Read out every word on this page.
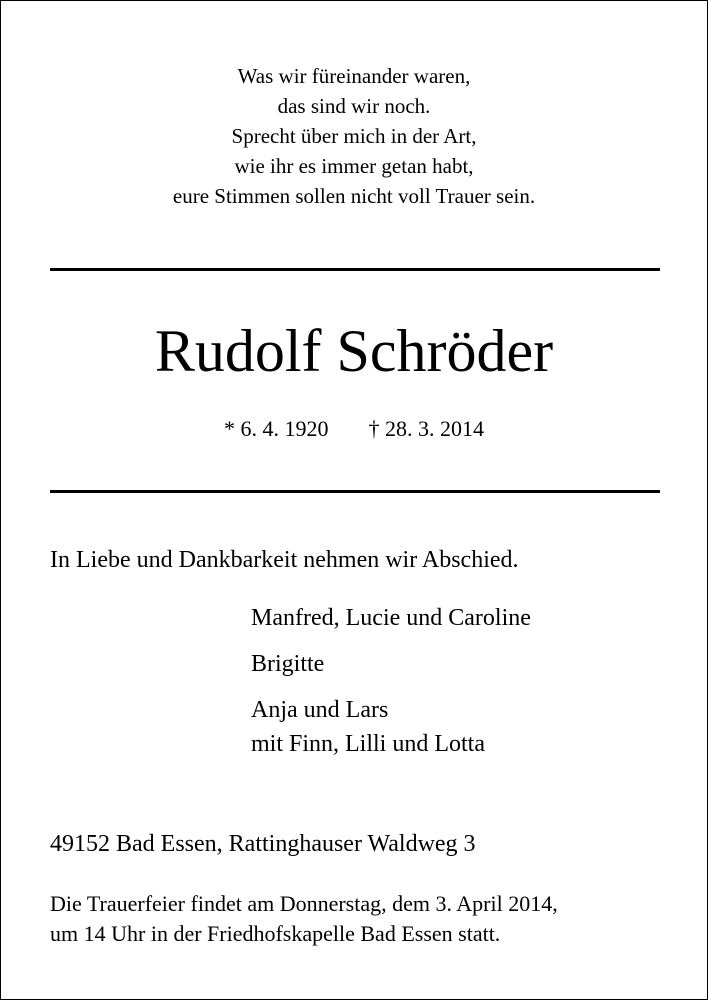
Was wir füreinander waren,
das sind wir noch.
Sprecht über mich in der Art,
wie ihr es immer getan habt,
eure Stimmen sollen nicht voll Trauer sein.
Rudolf Schröder
* 6. 4. 1920 † 28. 3. 2014
In Liebe und Dankbarkeit nehmen wir Abschied.
Manfred, Lucie und Caroline
Brigitte
Anja und Lars
mit Finn, Lilli und Lotta
49152 Bad Essen, Rattinghauser Waldweg 3
Die Trauerfeier findet am Donnerstag, dem 3. April 2014,
um 14 Uhr in der Friedhofskapelle Bad Essen statt.
